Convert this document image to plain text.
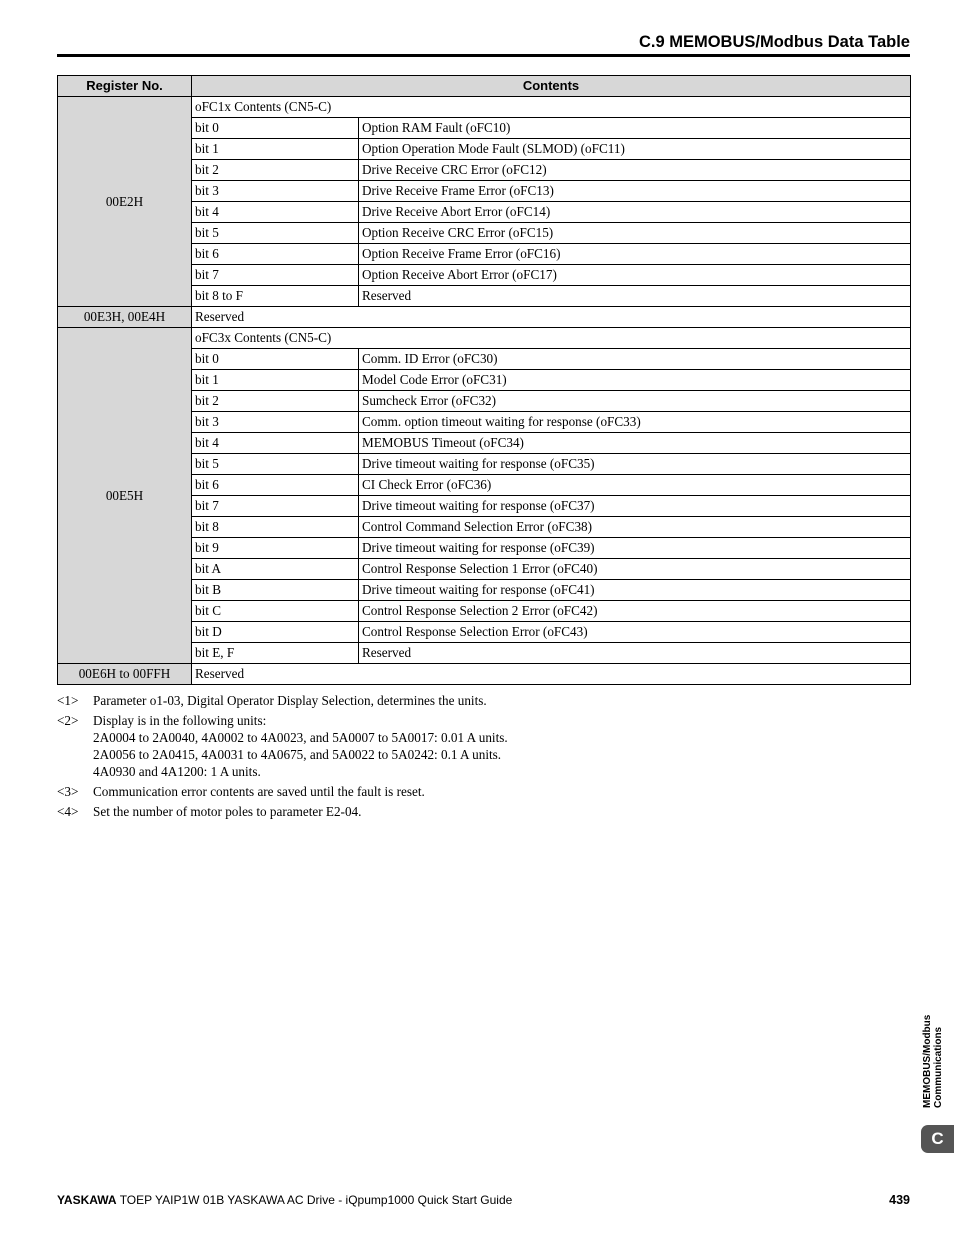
C.9 MEMOBUS/Modbus Data Table
Register No.	Contents	
00E2H	oFC1x Contents (CN5-C)	
	bit 0	Option RAM Fault (oFC10)
	bit 1	Option Operation Mode Fault (SLMOD) (oFC11)
	bit 2	Drive Receive CRC Error (oFC12)
	bit 3	Drive Receive Frame Error (oFC13)
	bit 4	Drive Receive Abort Error (oFC14)
	bit 5	Option Receive CRC Error (oFC15)
	bit 6	Option Receive Frame Error (oFC16)
	bit 7	Option Receive Abort Error (oFC17)
	bit 8 to F	Reserved
00E3H, 00E4H	Reserved	
00E5H	oFC3x Contents (CN5-C)	
	bit 0	Comm. ID Error (oFC30)
	bit 1	Model Code Error (oFC31)
	bit 2	Sumcheck Error (oFC32)
	bit 3	Comm. option timeout waiting for response (oFC33)
	bit 4	MEMOBUS Timeout (oFC34)
	bit 5	Drive timeout waiting for response (oFC35)
	bit 6	CI Check Error (oFC36)
	bit 7	Drive timeout waiting for response (oFC37)
	bit 8	Control Command Selection Error (oFC38)
	bit 9	Drive timeout waiting for response (oFC39)
	bit A	Control Response Selection 1 Error (oFC40)
	bit B	Drive timeout waiting for response (oFC41)
	bit C	Control Response Selection 2 Error (oFC42)
	bit D	Control Response Selection Error (oFC43)
	bit E, F	Reserved
00E6H to 00FFH	Reserved	
<1>	Parameter o1-03, Digital Operator Display Selection, determines the units.
<2>	Display is in the following units:
2A0004 to 2A0040, 4A0002 to 4A0023, and 5A0007 to 5A0017: 0.01 A units.
2A0056 to 2A0415, 4A0031 to 4A0675, and 5A0022 to 5A0242: 0.1 A units.
4A0930 and 4A1200: 1 A units.
<3>	Communication error contents are saved until the fault is reset.
<4>	Set the number of motor poles to parameter E2-04.
MEMOBUS/Modbus Communications
C
YASKAWA TOEP YAIP1W 01B YASKAWA AC Drive - iQpump1000 Quick Start Guide	439
